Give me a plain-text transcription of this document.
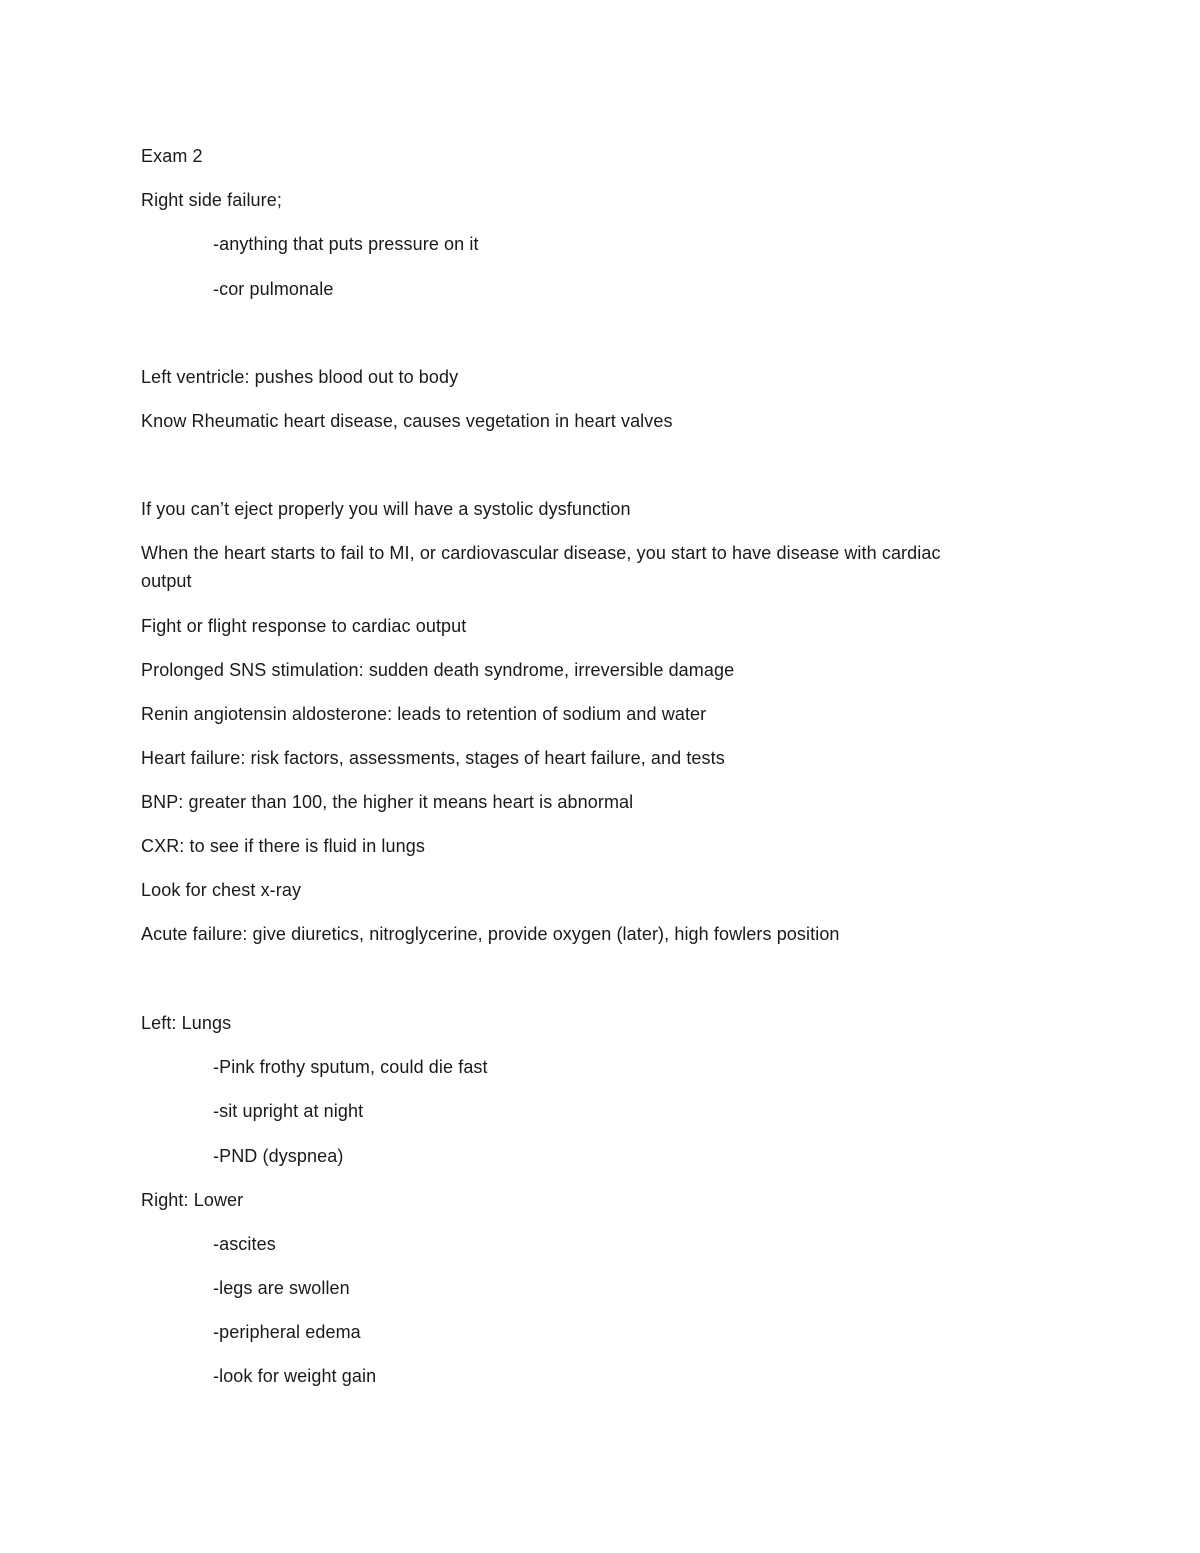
Exam 2
Right side failure;
-anything that puts pressure on it
-cor pulmonale
Left ventricle: pushes blood out to body
Know Rheumatic heart disease, causes vegetation in heart valves
If you can’t eject properly you will have a systolic dysfunction
When the heart starts to fail to MI, or cardiovascular disease, you start to have disease with cardiac
output
Fight or flight response to cardiac output
Prolonged SNS stimulation: sudden death syndrome, irreversible damage
Renin angiotensin aldosterone: leads to retention of sodium and water
Heart failure: risk factors, assessments, stages of heart failure, and tests
BNP: greater than 100, the higher it means heart is abnormal
CXR: to see if there is fluid in lungs
Look for chest x-ray
Acute failure: give diuretics, nitroglycerine, provide oxygen (later), high fowlers position
Left: Lungs
-Pink frothy sputum, could die fast
-sit upright at night
-PND (dyspnea)
Right: Lower
-ascites
-legs are swollen
-peripheral edema
-look for weight gain
